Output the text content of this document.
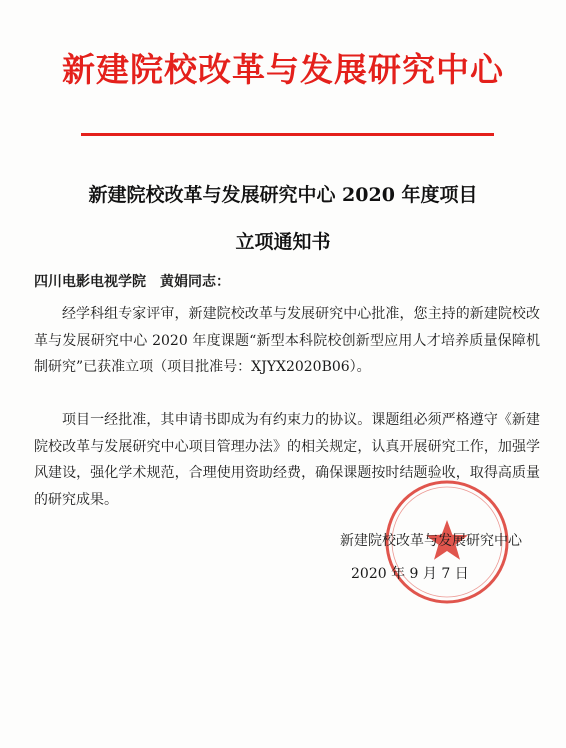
新建院校改革与发展研究中心
新建院校改革与发展研究中心 2020 年度项目
立项通知书
四川电影电视学院 黄娟同志：

经学科组专家评审，新建院校改革与发展研究中心批准，您主持的新建院校改革与发展研究中心 2020 年度课题“新型本科院校创新型应用人才培养质量保障机制研究”已获准立项（项目批准号：XJYX2020B06）。

项目一经批准，其申请书即成为有约束力的协议。课题组必须严格遵守《新建院校改革与发展研究中心项目管理办法》的相关规定，认真开展研究工作，加强学风建设，强化学术规范，合理使用资助经费，确保课题按时结题验收，取得高质量的研究成果。

新建院校改革与发展研究中心
2020 年 9 月 7 日
